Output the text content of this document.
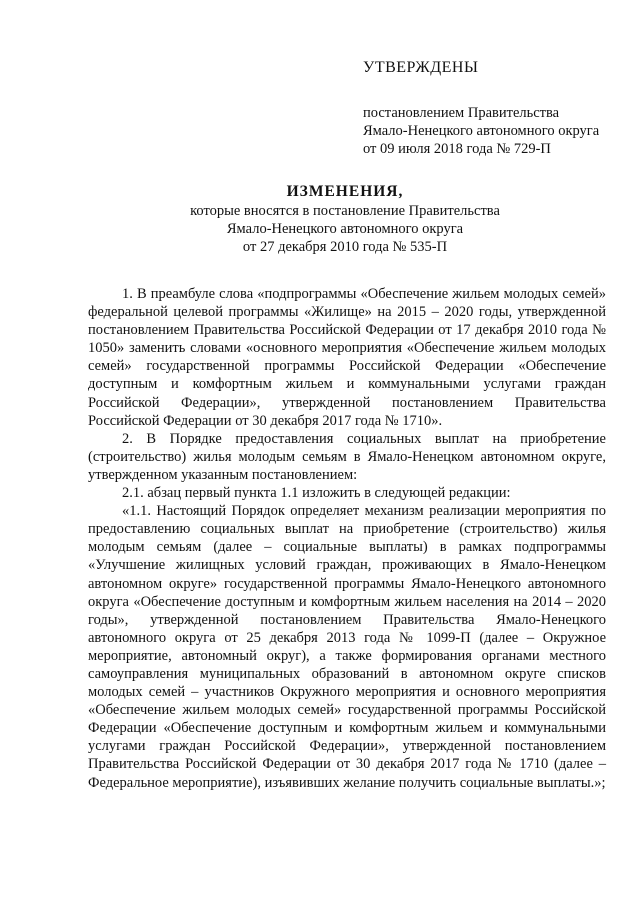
УТВЕРЖДЕНЫ

постановлением Правительства

Ямало-Ненецкого автономного округа

от 09 июля 2018 года № 729-П

ИЗМЕНЕНИЯ,

которые вносятся в постановление Правительства

Ямало-Ненецкого автономного округа

от 27 декабря 2010 года № 535-П

1. В преамбуле слова «подпрограммы «Обеспечение жильем молодых семей» федеральной целевой программы «Жилище» на 2015 – 2020 годы, утвержденной постановлением Правительства Российской Федерации от 17 декабря 2010 года № 1050» заменить словами «основного мероприятия «Обеспечение жильем молодых семей» государственной программы Российской Федерации «Обеспечение доступным и комфортным жильем и коммунальными услугами граждан Российской Федерации», утвержденной постановлением Правительства Российской Федерации от 30 декабря 2017 года № 1710».

2. В Порядке предоставления социальных выплат на приобретение (строительство) жилья молодым семьям в Ямало-Ненецком автономном округе, утвержденном указанным постановлением:

2.1. абзац первый пункта 1.1 изложить в следующей редакции:

«1.1. Настоящий Порядок определяет механизм реализации мероприятия по предоставлению социальных выплат на приобретение (строительство) жилья молодым семьям (далее – социальные выплаты) в рамках подпрограммы «Улучшение жилищных условий граждан, проживающих в Ямало-Ненецком автономном округе» государственной программы Ямало-Ненецкого автономного округа «Обеспечение доступным и комфортным жильем населения на 2014 – 2020 годы», утвержденной постановлением Правительства Ямало-Ненецкого автономного округа от 25 декабря 2013 года № 1099-П (далее – Окружное мероприятие, автономный округ), а также формирования органами местного самоуправления муниципальных образований в автономном округе списков молодых семей – участников Окружного мероприятия и основного мероприятия «Обеспечение жильем молодых семей» государственной программы Российской Федерации «Обеспечение доступным и комфортным жильем и коммунальными услугами граждан Российской Федерации», утвержденной постановлением Правительства Российской Федерации от 30 декабря 2017 года № 1710 (далее – Федеральное мероприятие), изъявивших желание получить социальные выплаты.»;
